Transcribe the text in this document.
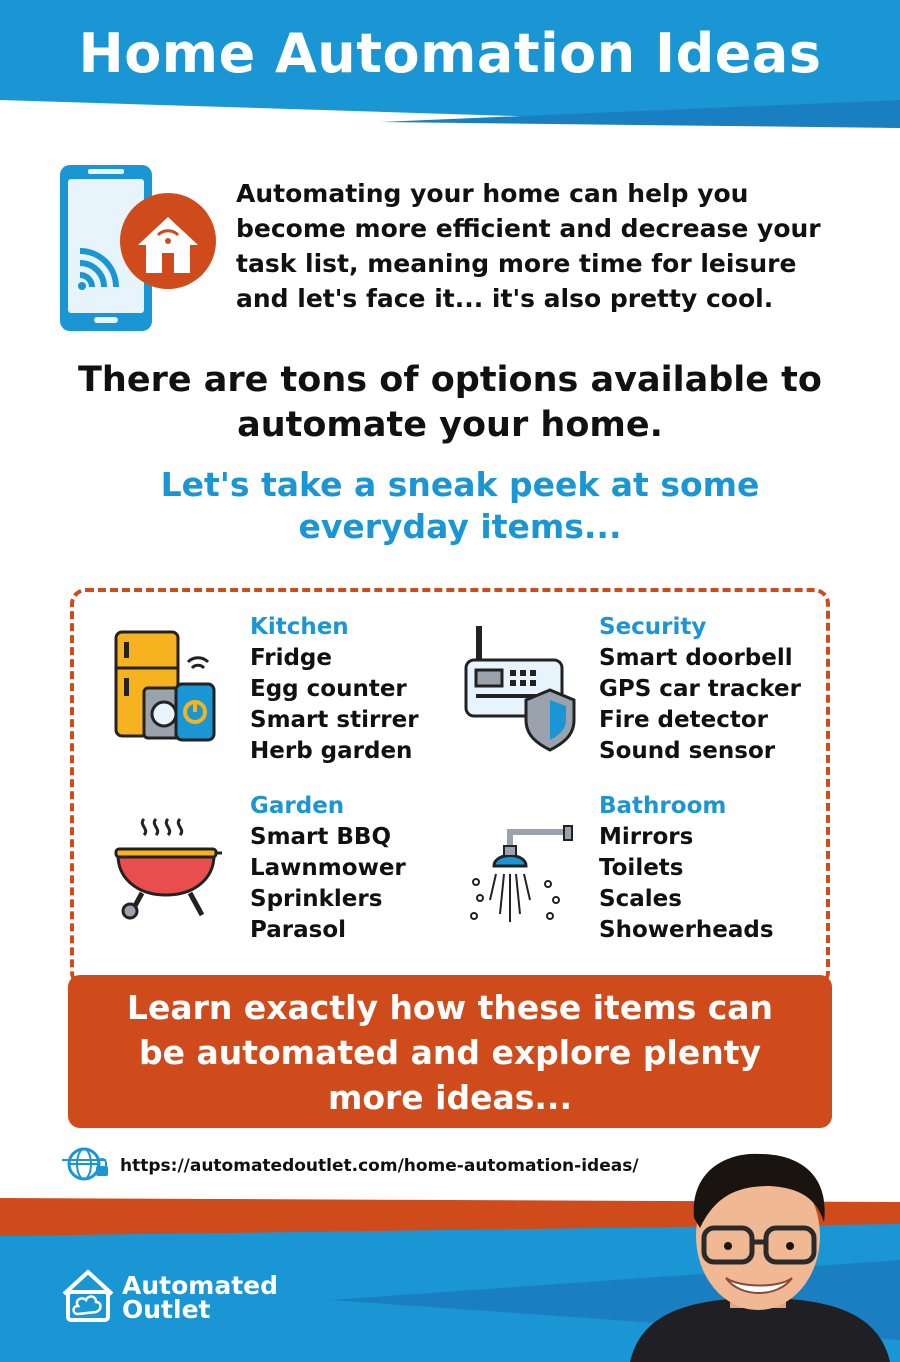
Home Automation Ideas
Automating your home can help you
become more efficient and decrease your
task list, meaning more time for leisure
and let's face it... it's also pretty cool.
There are tons of options available to
automate your home.
Let's take a sneak peek at some
everyday items...
Kitchen
Fridge
Egg counter
Smart stirrer
Herb garden
Security
Smart doorbell
GPS car tracker
Fire detector
Sound sensor
Garden
Smart BBQ
Lawnmower
Sprinklers
Parasol
Bathroom
Mirrors
Toilets
Scales
Showerheads
Learn exactly how these items can
be automated and explore plenty
more ideas...
https://automatedoutlet.com/home-automation-ideas/
Automated
Outlet
